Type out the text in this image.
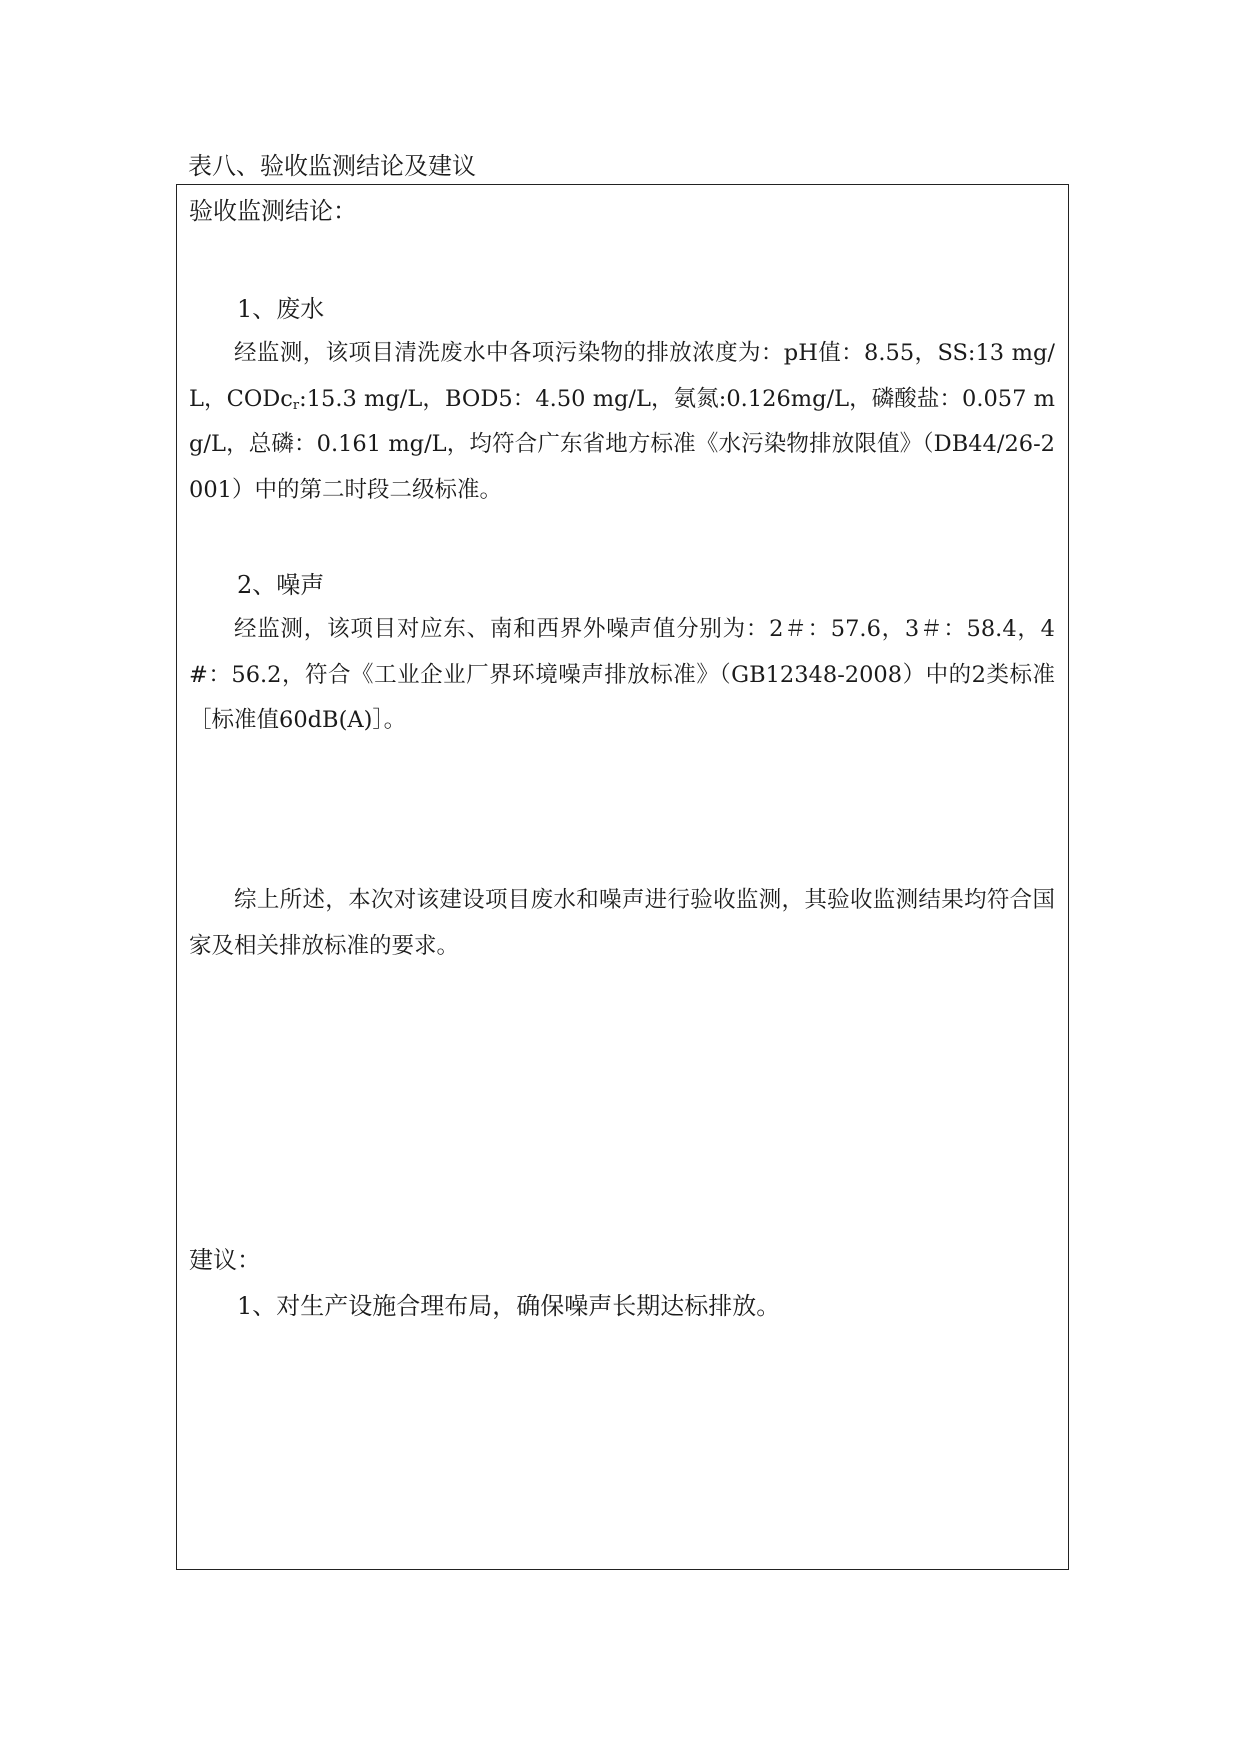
表八、验收监测结论及建议
验收监测结论：
1、废水
经监测，该项目清洗废水中各项污染物的排放浓度为：pH值：8.55，SS:13 mg/L，CODc$_r$:15.3 mg/L，BOD5：4.50 mg/L，氨氮:0.126mg/L，磷酸盐：0.057 mg/L，总磷：0.161 mg/L，均符合广东省地方标准《水污染物排放限值》（DB44/26-2001）中的第二时段二级标准。
2、噪声
经监测，该项目对应东、南和西界外噪声值分别为：2＃：57.6，3＃：58.4，4#：56.2，符合《工业企业厂界环境噪声排放标准》（GB12348-2008）中的2类标准［标准值60dB(A)］。
综上所述，本次对该建设项目废水和噪声进行验收监测，其验收监测结果均符合国家及相关排放标准的要求。
建议：
1、对生产设施合理布局，确保噪声长期达标排放。
